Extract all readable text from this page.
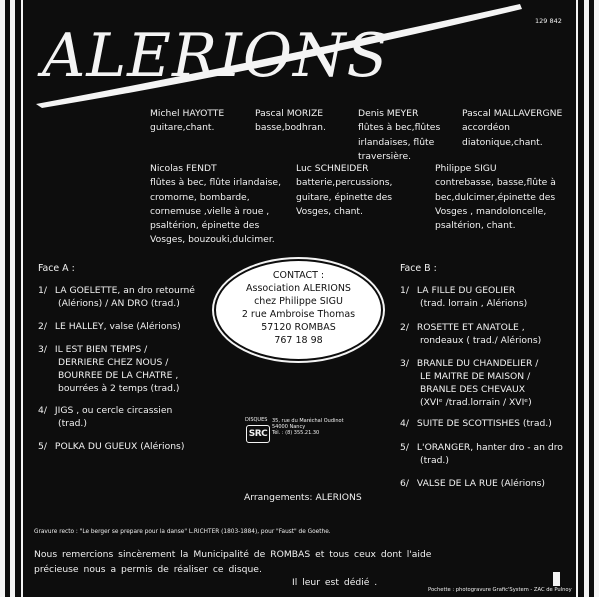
129 842
ALERIONS
Michel HAYOTTE
guitare,chant.
Pascal MORIZE
basse,bodhran.
Denis MEYER
flûtes à bec,flûtes
irlandaises, flûte
traversière.
Pascal MALLAVERGNE
accordéon
diatonique,chant.
Nicolas FENDT
flûtes à bec, flûte irlandaise,
cromorne, bombarde,
cornemuse ,vielle à roue ,
psaltérion, épinette des
Vosges, bouzouki,dulcimer.
Luc SCHNEIDER
batterie,percussions,
guitare, épinette des
Vosges, chant.
Philippe SIGU
contrebasse, basse,flûte à
bec,dulcimer,épinette des
Vosges , mandoloncelle,
psaltérion, chant.
Face A :
1/ LA GOELETTE, an dro retourné
(Alérions) / AN DRO (trad.)
2/ LE HALLEY, valse (Alérions)
3/ IL EST BIEN TEMPS /
DERRIERE CHEZ NOUS /
BOURREE DE LA CHATRE ,
bourrées à 2 temps (trad.)
4/ JIGS , ou cercle circassien
(trad.)
5/ POLKA DU GUEUX (Alérions)
CONTACT :
Association ALERIONS
chez Philippe SIGU
2 rue Ambroise Thomas
57120 ROMBAS
767 18 98
Face B :
1/ LA FILLE DU GEOLIER
(trad. lorrain , Alérions)
2/ ROSETTE ET ANATOLE ,
rondeaux ( trad./ Alérions)
3/ BRANLE DU CHANDELIER /
LE MAITRE DE MAISON /
BRANLE DES CHEVAUX
(XVIᵉ /trad.lorrain / XVIᵉ)
4/ SUITE DE SCOTTISHES (trad.)
5/ L'ORANGER, hanter dro - an dro
(trad.)
6/ VALSE DE LA RUE (Alérions)
DISQUES
SRC
35, rue du Maréchal Oudinot
54000 Nancy
Tél. : (8) 355.21.30
Arrangements: ALERIONS
Gravure recto : "Le berger se prepare pour la danse" L.RICHTER (1803-1884), pour "Faust" de Goethe.
Nous remercions sincèrement la Municipalité de ROMBAS et tous ceux dont l'aide
précieuse nous a permis de réaliser ce disque.
Il leur est dédié .
Pochette : photogravure Grafic'System - ZAC de Pulnoy
